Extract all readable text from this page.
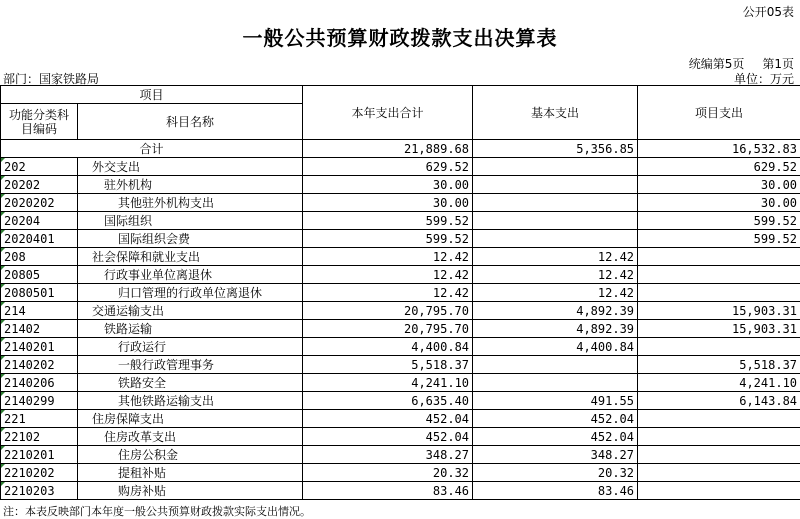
公开05表
一般公共预算财政拨款支出决算表
统编第5页 第1页
部门：国家铁路局	单位：万元
项目		本年支出合计	基本支出	项目支出
功能分类科目编码	科目名称			
合计		21,889.68	5,356.85	16,532.83
202	外交支出	629.52		629.52
20202	驻外机构	30.00		30.00
2020202	其他驻外机构支出	30.00		30.00
20204	国际组织	599.52		599.52
2020401	国际组织会费	599.52		599.52
208	社会保障和就业支出	12.42	12.42	
20805	行政事业单位离退休	12.42	12.42	
2080501	归口管理的行政单位离退休	12.42	12.42	
214	交通运输支出	20,795.70	4,892.39	15,903.31
21402	铁路运输	20,795.70	4,892.39	15,903.31
2140201	行政运行	4,400.84	4,400.84	
2140202	一般行政管理事务	5,518.37		5,518.37
2140206	铁路安全	4,241.10		4,241.10
2140299	其他铁路运输支出	6,635.40	491.55	6,143.84
221	住房保障支出	452.04	452.04	
22102	住房改革支出	452.04	452.04	
2210201	住房公积金	348.27	348.27	
2210202	提租补贴	20.32	20.32	
2210203	购房补贴	83.46	83.46	
注：本表反映部门本年度一般公共预算财政拨款实际支出情况。
